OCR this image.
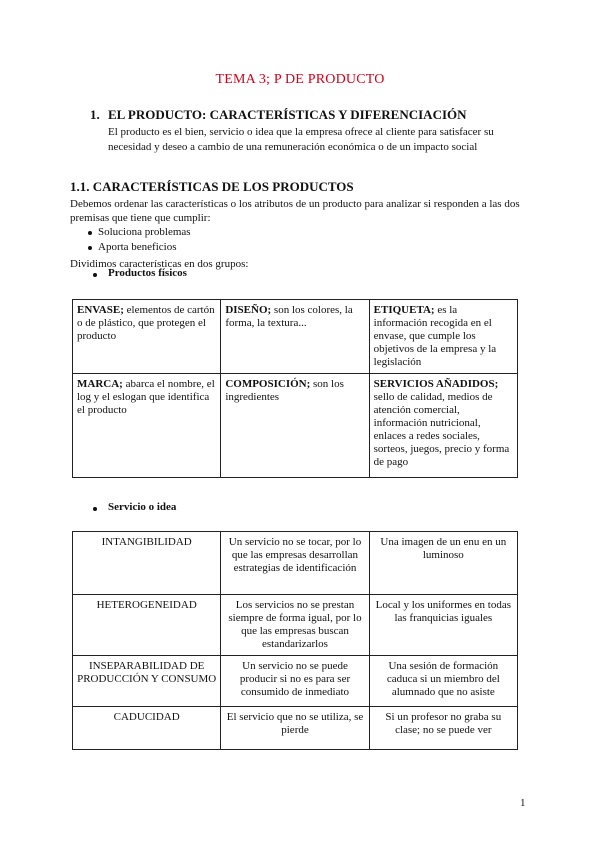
TEMA 3; P DE PRODUCTO
1. EL PRODUCTO: CARACTERÍSTICAS Y DIFERENCIACIÓN
El producto es el bien, servicio o idea que la empresa ofrece al cliente para satisfacer su necesidad y deseo a cambio de una remuneración económica o de un impacto social
1.1. CARACTERÍSTICAS DE LOS PRODUCTOS
Debemos ordenar las características o los atributos de un producto para analizar si responden a las dos premisas que tiene que cumplir:
Soluciona problemas
Aporta beneficios
Dividimos características en dos grupos:
Productos físicos
ENVASE; elementos de cartón o de plástico, que protegen el producto	DISEÑO; son los colores, la forma, la textura...	ETIQUETA; es la información recogida en el envase, que cumple los objetivos de la empresa y la legislación
MARCA; abarca el nombre, el log y el eslogan que identifica el producto	COMPOSICIÓN; son los ingredientes	SERVICIOS AÑADIDOS; sello de calidad, medios de atención comercial, información nutricional, enlaces a redes sociales, sorteos, juegos, precio y forma de pago
Servicio o idea
INTANGIBILIDAD	Un servicio no se tocar, por lo que las empresas desarrollan estrategias de identificación	Una imagen de un enu en un luminoso
HETEROGENEIDAD	Los servicios no se prestan siempre de forma igual, por lo que las empresas buscan estandarizarlos	Local y los uniformes en todas las franquicias iguales
INSEPARABILIDAD DE PRODUCCIÓN Y CONSUMO	Un servicio no se puede producir si no es para ser consumido de inmediato	Una sesión de formación caduca si un miembro del alumnado que no asiste
CADUCIDAD	El servicio que no se utiliza, se pierde	Si un profesor no graba su clase; no se puede ver
1
